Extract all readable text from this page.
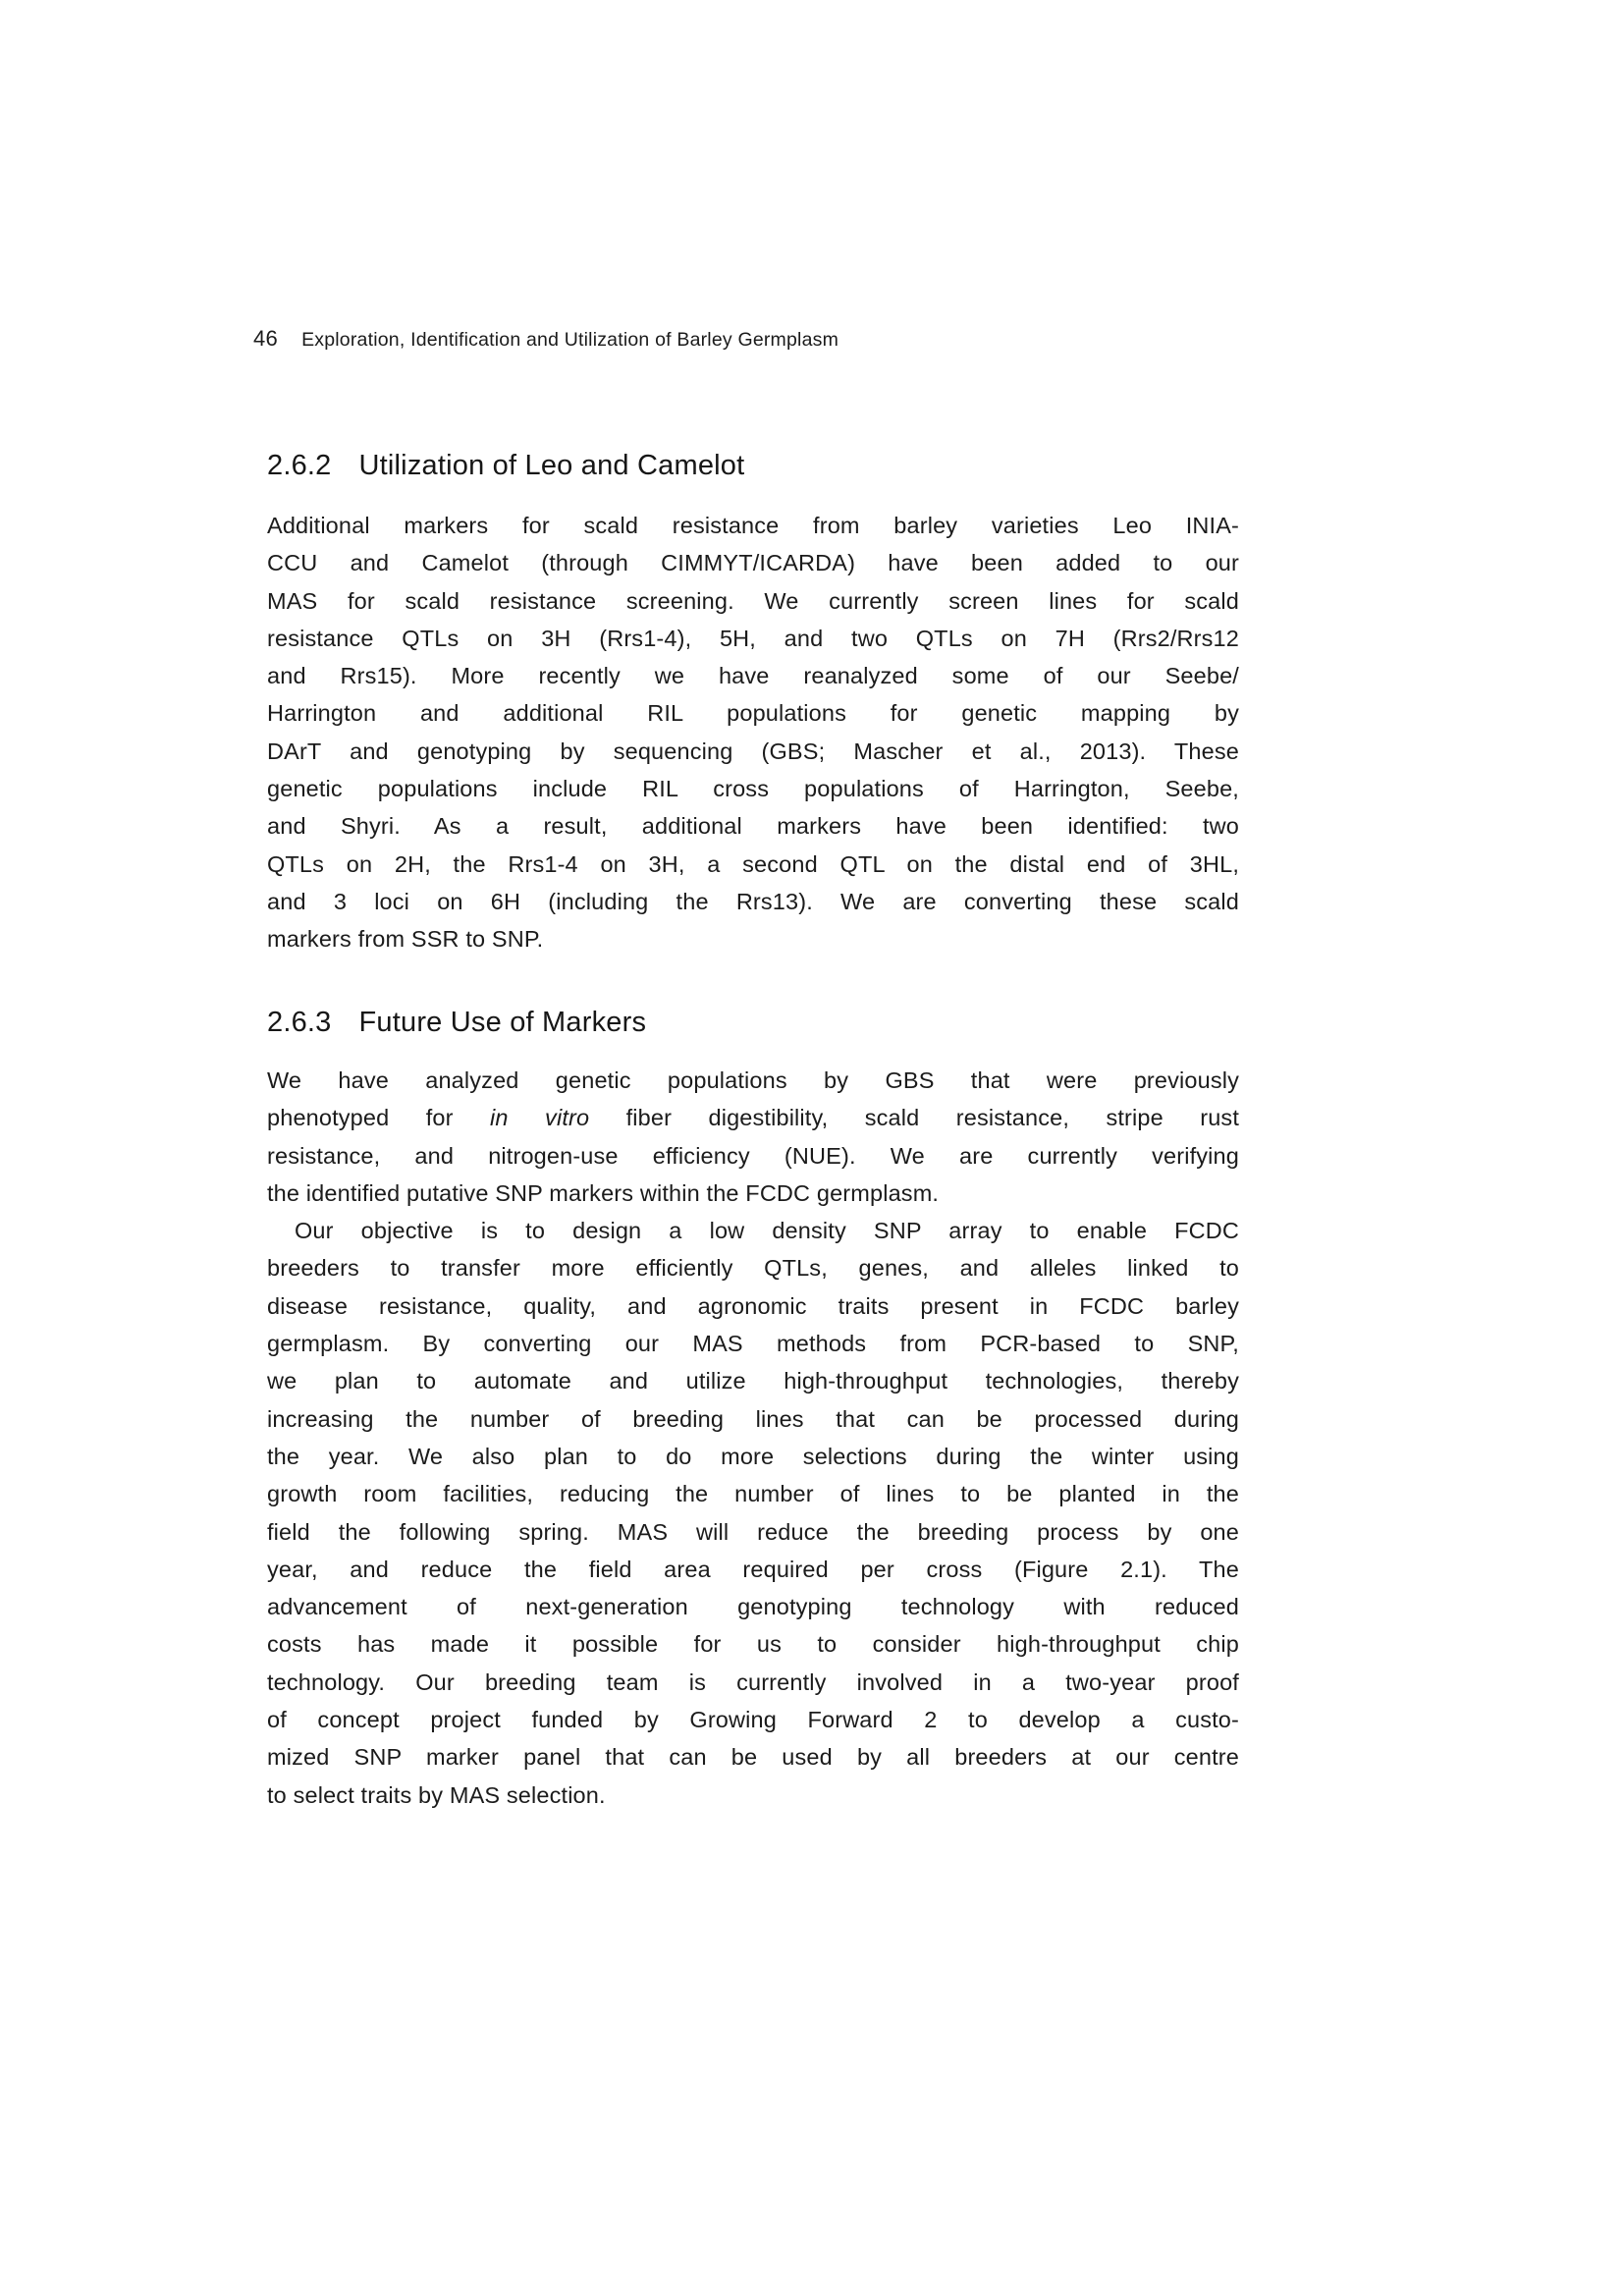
46 Exploration, Identification and Utilization of Barley Germplasm
2.6.2 Utilization of Leo and Camelot
Additional markers for scald resistance from barley varieties Leo INIA-
CCU and Camelot (through CIMMYT/ICARDA) have been added to our
MAS for scald resistance screening. We currently screen lines for scald
resistance QTLs on 3H (Rrs1-4), 5H, and two QTLs on 7H (Rrs2/Rrs12
and Rrs15). More recently we have reanalyzed some of our Seebe/
Harrington and additional RIL populations for genetic mapping by
DArT and genotyping by sequencing (GBS; Mascher et al., 2013). These
genetic populations include RIL cross populations of Harrington, Seebe,
and Shyri. As a result, additional markers have been identified: two
QTLs on 2H, the Rrs1-4 on 3H, a second QTL on the distal end of 3HL,
and 3 loci on 6H (including the Rrs13). We are converting these scald
markers from SSR to SNP.
2.6.3 Future Use of Markers
We have analyzed genetic populations by GBS that were previously
phenotyped for in vitro fiber digestibility, scald resistance, stripe rust
resistance, and nitrogen-use efficiency (NUE). We are currently verifying
the identified putative SNP markers within the FCDC germplasm.
Our objective is to design a low density SNP array to enable FCDC
breeders to transfer more efficiently QTLs, genes, and alleles linked to
disease resistance, quality, and agronomic traits present in FCDC barley
germplasm. By converting our MAS methods from PCR-based to SNP,
we plan to automate and utilize high-throughput technologies, thereby
increasing the number of breeding lines that can be processed during
the year. We also plan to do more selections during the winter using
growth room facilities, reducing the number of lines to be planted in the
field the following spring. MAS will reduce the breeding process by one
year, and reduce the field area required per cross (Figure 2.1). The
advancement of next-generation genotyping technology with reduced
costs has made it possible for us to consider high-throughput chip
technology. Our breeding team is currently involved in a two-year proof
of concept project funded by Growing Forward 2 to develop a custo-
mized SNP marker panel that can be used by all breeders at our centre
to select traits by MAS selection.
